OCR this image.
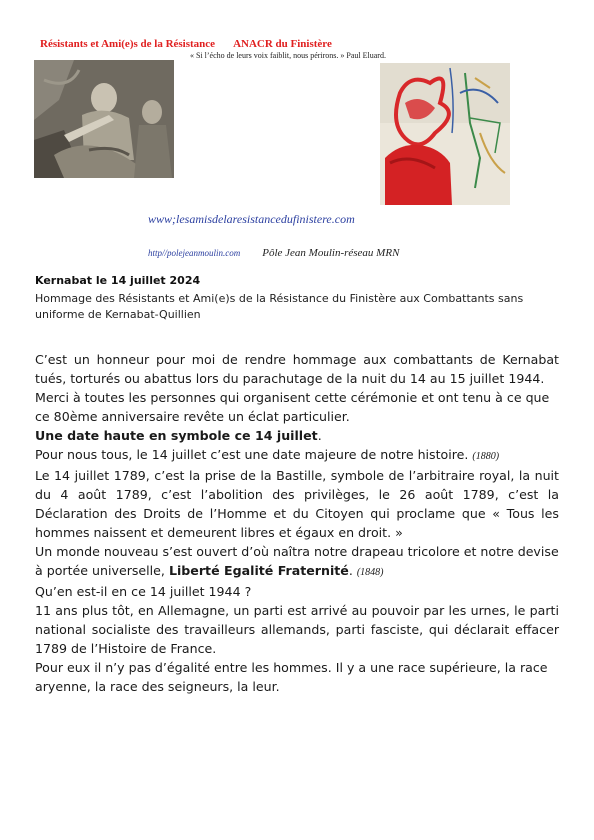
Résistants et Ami(e)s de la Résistance ANACR du Finistère
« Si l’écho de leurs voix faiblit, nous périrons. » Paul Eluard.
www;lesamisdelaresistancedufinistere.com
http//polejeanmoulin.com Pôle Jean Moulin-réseau MRN
Kernabat le 14 juillet 2024
Hommage des Résistants et Ami(e)s de la Résistance du Finistère aux Combattants sans uniforme de Kernabat-Quillien

C’est un honneur pour moi de rendre hommage aux combattants de Kernabat tués, torturés ou abattus lors du parachutage de la nuit du 14 au 15 juillet 1944.

Merci à toutes les personnes qui organisent cette cérémonie et ont tenu à ce que ce 80ème anniversaire revête un éclat particulier.

Une date haute en symbole ce 14 juillet.

Pour nous tous, le 14 juillet c’est une date majeure de notre histoire. (1880)

Le 14 juillet 1789, c’est la prise de la Bastille, symbole de l’arbitraire royal, la nuit du 4 août 1789, c’est l’abolition des privilèges, le 26 août 1789, c’est la Déclaration des Droits de l’Homme et du Citoyen qui proclame que « Tous les hommes naissent et demeurent libres et égaux en droit. »

Un monde nouveau s’est ouvert d’où naîtra notre drapeau tricolore et notre devise à portée universelle, Liberté Egalité Fraternité. (1848)

Qu’en est-il en ce 14 juillet 1944 ?

11 ans plus tôt, en Allemagne, un parti est arrivé au pouvoir par les urnes, le parti national socialiste des travailleurs allemands, parti fasciste, qui déclarait effacer 1789 de l’Histoire de France.

Pour eux il n’y pas d’égalité entre les hommes. Il y a une race supérieure, la race aryenne, la race des seigneurs, la leur.
